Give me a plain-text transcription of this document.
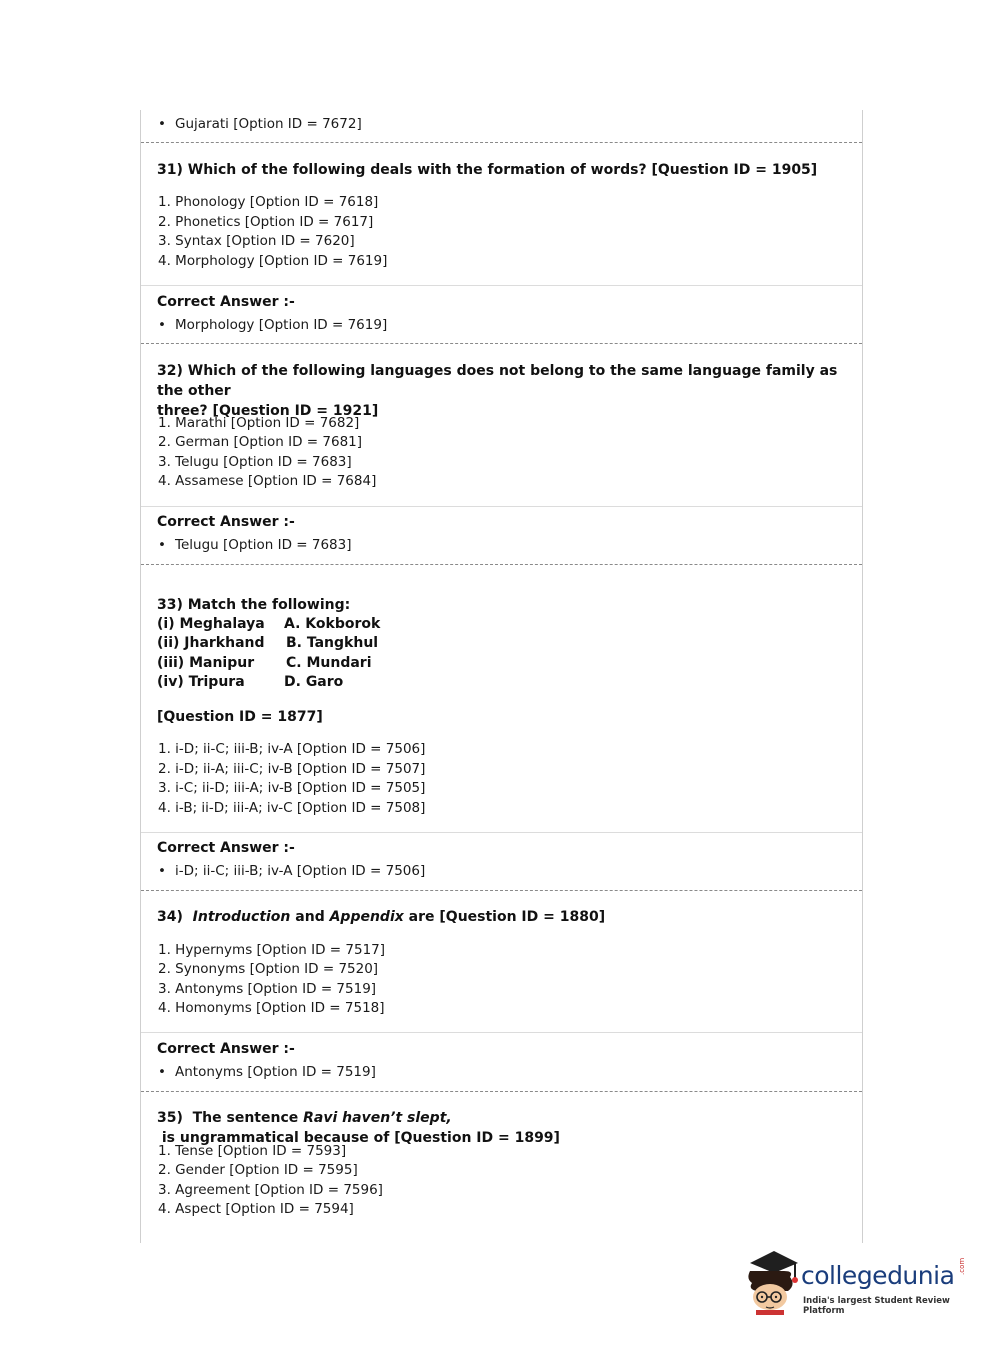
• Gujarati [Option ID = 7672]
31) Which of the following deals with the formation of words? [Question ID = 1905]
1. Phonology [Option ID = 7618]
2. Phonetics [Option ID = 7617]
3. Syntax [Option ID = 7620]
4. Morphology [Option ID = 7619]
Correct Answer :-
• Morphology [Option ID = 7619]
32) Which of the following languages does not belong to the same language family as the other
three? [Question ID = 1921]
1. Marathi [Option ID = 7682]
2. German [Option ID = 7681]
3. Telugu [Option ID = 7683]
4. Assamese [Option ID = 7684]
Correct Answer :-
• Telugu [Option ID = 7683]
33) Match the following:
(i) Meghalaya A. Kokborok
(ii) Jharkhand B. Tangkhul
(iii) Manipur C. Mundari
(iv) Tripura	D. Garo
[Question ID = 1877]
1. i-D; ii-C; iii-B; iv-A [Option ID = 7506]
2. i-D; ii-A; iii-C; iv-B [Option ID = 7507]
3. i-C; ii-D; iii-A; iv-B [Option ID = 7505]
4. i-B; ii-D; iii-A; iv-C [Option ID = 7508]
Correct Answer :-
• i-D; ii-C; iii-B; iv-A [Option ID = 7506]
34)  Introduction and Appendix are [Question ID = 1880]
1. Hypernyms [Option ID = 7517]
2. Synonyms [Option ID = 7520]
3. Antonyms [Option ID = 7519]
4. Homonyms [Option ID = 7518]
Correct Answer :-
• Antonyms [Option ID = 7519]
35)  The sentence Ravi haven’t slept, is ungrammatical because of [Question ID = 1899]
1. Tense [Option ID = 7593]
2. Gender [Option ID = 7595]
3. Agreement [Option ID = 7596]
4. Aspect [Option ID = 7594]
collegedunia .com
India's largest Student Review Platform
